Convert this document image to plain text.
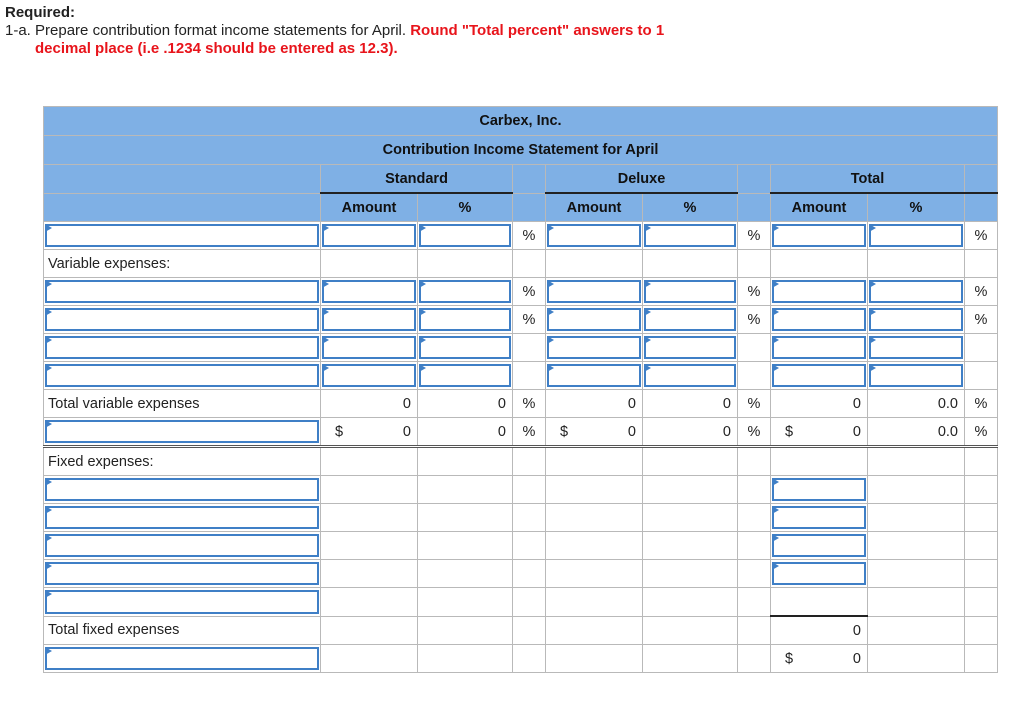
Required:
1-a. Prepare contribution format income statements for April. Round "Total percent" answers to 1
decimal place (i.e .1234 should be entered as 12.3).
Carbex, Inc.									
Contribution Income Statement for April									
	Standard			Deluxe			Total		
	Amount	%		Amount	%		Amount	%	

	%			%			%
Variable expenses:									

	%			%			%

	%			%			%

Total variable expenses	0	0	%	0	0	%	0	0.0	%

	$ 0	0	%	$ 0	0	%	$ 0	0.0	%
Fixed expenses:									

Total fixed expenses							0		

							$ 0		
